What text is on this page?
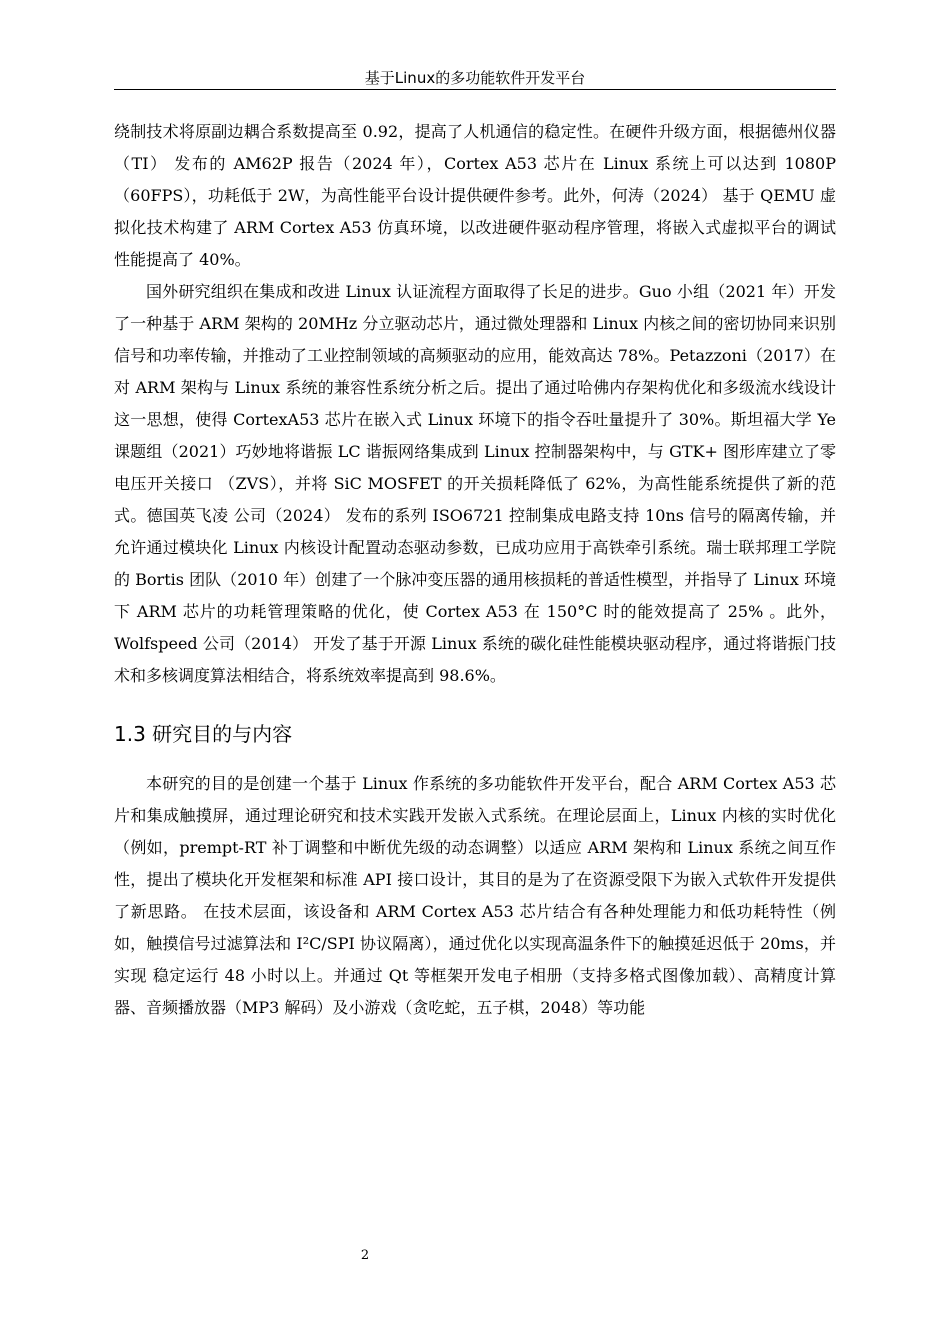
基于Linux的多功能软件开发平台

绕制技术将原副边耦合系数提高至 0.92，提高了人机通信的稳定性。在硬件升级方面，根据德州仪器 （TI） 发布的 AM62P 报告（2024 年），Cortex A53 芯片在 Linux 系统上可以达到 1080P（60FPS），功耗低于 2W，为高性能平台设计提供硬件参考。此外，何涛（2024） 基于 QEMU 虚拟化技术构建了 ARM Cortex A53 仿真环境，以改进硬件驱动程序管理，将嵌入式虚拟平台的调试性能提高了 40%。

国外研究组织在集成和改进 Linux 认证流程方面取得了长足的进步。Guo 小组（2021 年）开发了一种基于 ARM 架构的 20MHz 分立驱动芯片，通过微处理器和 Linux 内核之间的密切协同来识别信号和功率传输，并推动了工业控制领域的高频驱动的应用，能效高达 78%。Petazzoni（2017）在对 ARM 架构与 Linux 系统的兼容性系统分析之后。提出了通过哈佛内存架构优化和多级流水线设计这一思想，使得 CortexA53 芯片在嵌入式 Linux 环境下的指令吞吐量提升了 30%。斯坦福大学 Ye 课题组（2021）巧妙地将谐振 LC 谐振网络集成到 Linux 控制器架构中，与 GTK+ 图形库建立了零电压开关接口 （ZVS），并将 SiC MOSFET 的开关损耗降低了 62%，为高性能系统提供了新的范式。德国英飞凌 公司（2024） 发布的系列 ISO6721 控制集成电路支持 10ns 信号的隔离传输，并允许通过模块化 Linux 内核设计配置动态驱动参数，已成功应用于高铁牵引系统。瑞士联邦理工学院的 Bortis 团队（2010 年）创建了一个脉冲变压器的通用核损耗的普适性模型，并指导了 Linux 环境下 ARM 芯片的功耗管理策略的优化，使 Cortex A53 在 150°C 时的能效提高了 25% 。此外，Wolfspeed 公司（2014） 开发了基于开源 Linux 系统的碳化硅性能模块驱动程序，通过将谐振门技术和多核调度算法相结合，将系统效率提高到 98.6%。

1.3 研究目的与内容

本研究的目的是创建一个基于 Linux 作系统的多功能软件开发平台，配合 ARM Cortex A53 芯片和集成触摸屏，通过理论研究和技术实践开发嵌入式系统。在理论层面上，Linux 内核的实时优化（例如，prempt-RT 补丁调整和中断优先级的动态调整）以适应 ARM 架构和 Linux 系统之间互作性，提出了模块化开发框架和标准 API 接口设计，其目的是为了在资源受限下为嵌入式软件开发提供了新思路。 在技术层面，该设备和 ARM Cortex A53 芯片结合有各种处理能力和低功耗特性（例如，触摸信号过滤算法和 I²C/SPI 协议隔离），通过优化以实现高温条件下的触摸延迟低于 20ms，并实现 稳定运行 48 小时以上。并通过 Qt 等框架开发电子相册（支持多格式图像加载）、高精度计算器、音频播放器（MP3 解码）及小游戏（贪吃蛇，五子棋，2048）等功能

2
